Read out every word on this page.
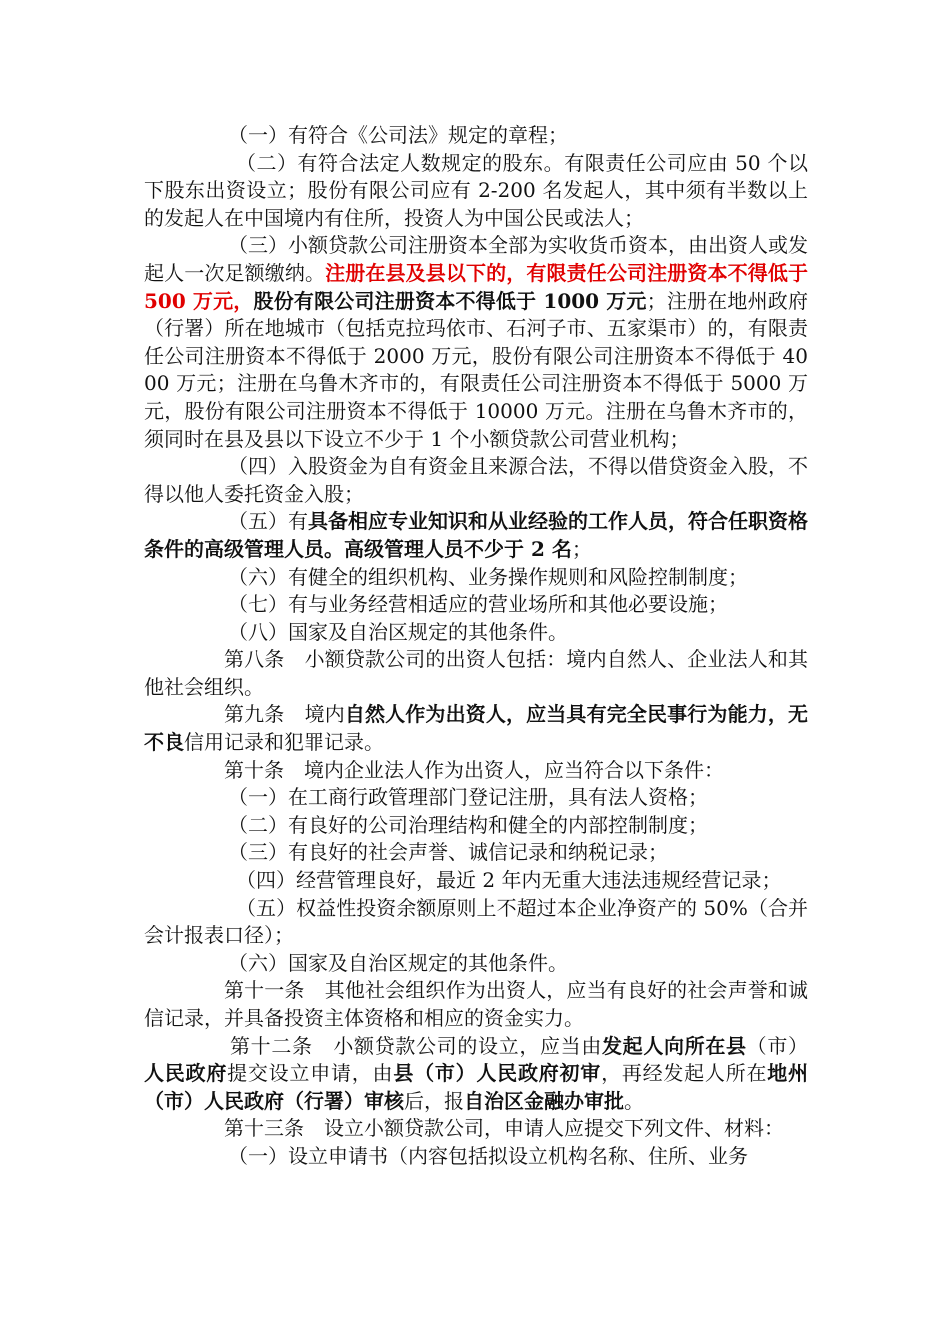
（一）有符合《公司法》规定的章程；
（二）有符合法定人数规定的股东。有限责任公司应由 50 个以下股东出资设立；股份有限公司应有 2-200 名发起人，其中须有半数以上的发起人在中国境内有住所，投资人为中国公民或法人；
（三）小额贷款公司注册资本全部为实收货币资本，由出资人或发起人一次足额缴纳。注册在县及县以下的，有限责任公司注册资本不得低于 500 万元，股份有限公司注册资本不得低于 1000 万元；注册在地州政府（行署）所在地城市（包括克拉玛依市、石河子市、五家渠市）的，有限责任公司注册资本不得低于 2000 万元，股份有限公司注册资本不得低于 4000 万元；注册在乌鲁木齐市的，有限责任公司注册资本不得低于 5000 万元，股份有限公司注册资本不得低于 10000 万元。注册在乌鲁木齐市的，须同时在县及县以下设立不少于 1 个小额贷款公司营业机构；
（四）入股资金为自有资金且来源合法，不得以借贷资金入股，不得以他人委托资金入股；
（五）有具备相应专业知识和从业经验的工作人员，符合任职资格条件的高级管理人员。高级管理人员不少于 2 名；
（六）有健全的组织机构、业务操作规则和风险控制制度；
（七）有与业务经营相适应的营业场所和其他必要设施；
（八）国家及自治区规定的其他条件。
第八条　小额贷款公司的出资人包括：境内自然人、企业法人和其他社会组织。
第九条　境内自然人作为出资人，应当具有完全民事行为能力，无不良信用记录和犯罪记录。
第十条　境内企业法人作为出资人，应当符合以下条件：
（一）在工商行政管理部门登记注册，具有法人资格；
（二）有良好的公司治理结构和健全的内部控制制度；
（三）有良好的社会声誉、诚信记录和纳税记录；
（四）经营管理良好，最近 2 年内无重大违法违规经营记录；
（五）权益性投资余额原则上不超过本企业净资产的 50%（合并会计报表口径）；
（六）国家及自治区规定的其他条件。
第十一条　其他社会组织作为出资人，应当有良好的社会声誉和诚信记录，并具备投资主体资格和相应的资金实力。
第十二条　小额贷款公司的设立，应当由发起人向所在县（市）人民政府提交设立申请，由县（市）人民政府初审，再经发起人所在地州（市）人民政府（行署）审核后，报自治区金融办审批。
第十三条　设立小额贷款公司，申请人应提交下列文件、材料：
（一）设立申请书（内容包括拟设立机构名称、住所、业务
